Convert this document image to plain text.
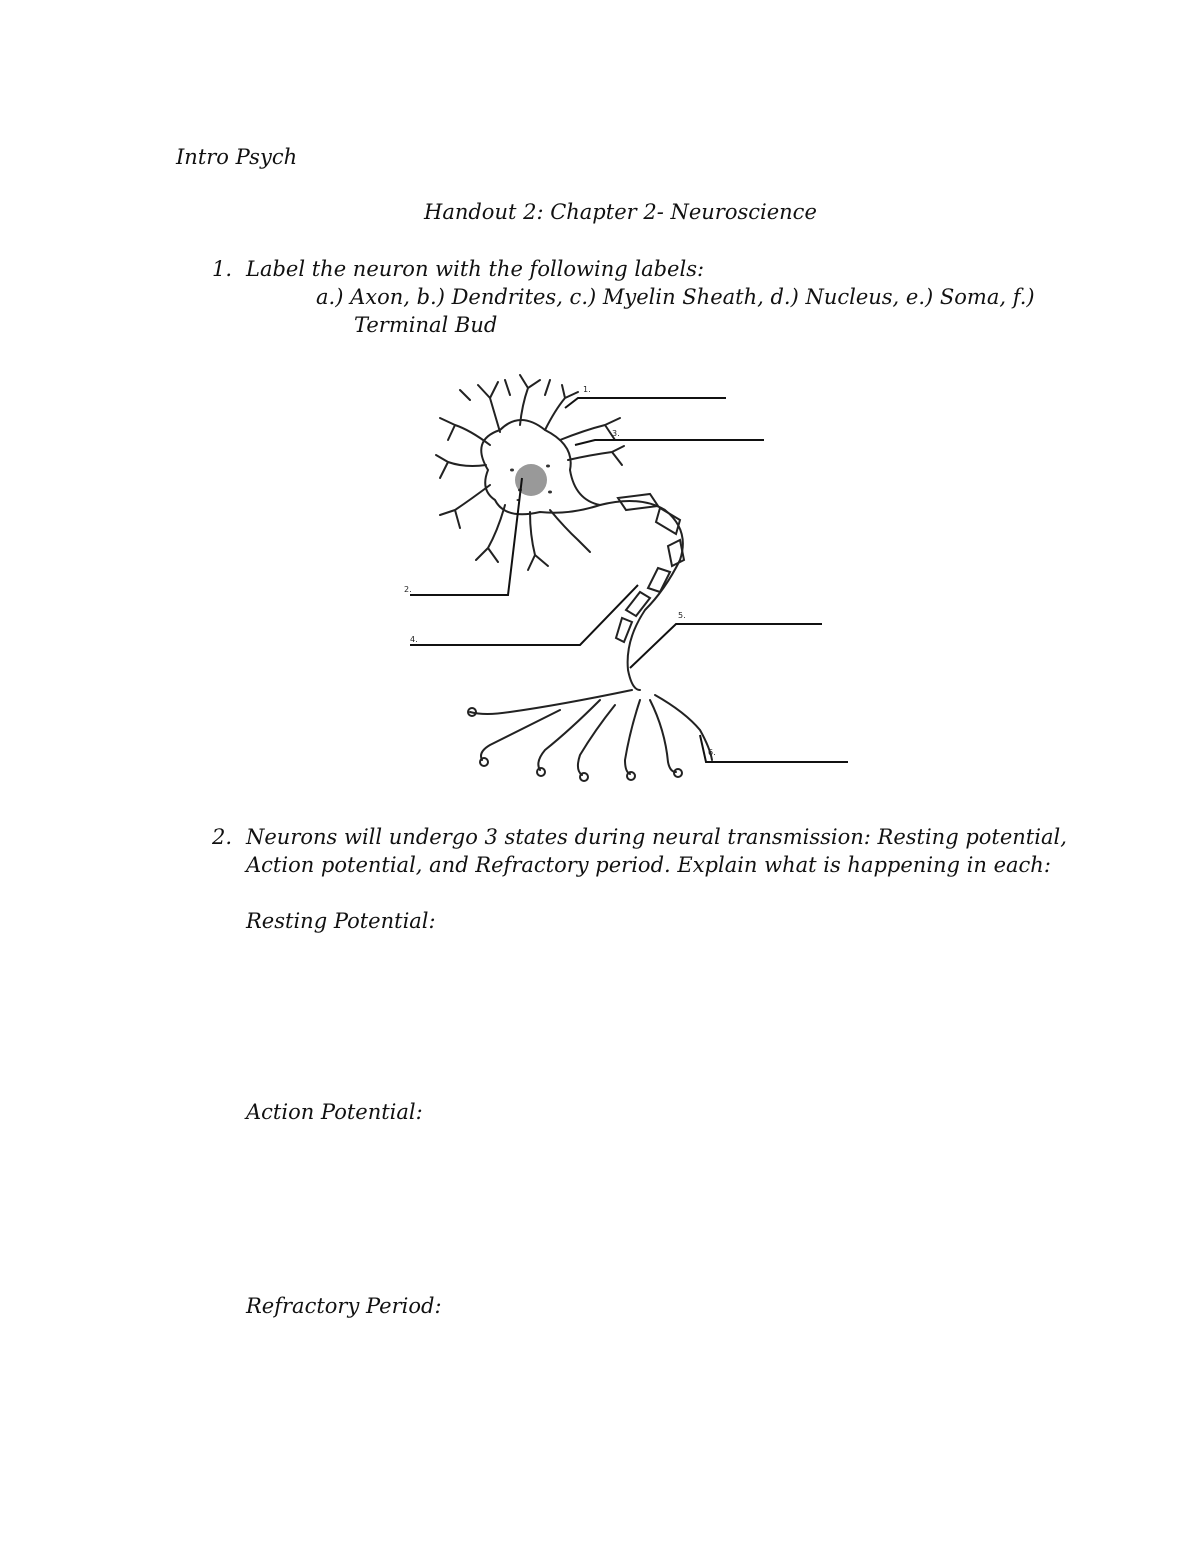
Intro Psych
Handout 2: Chapter 2- Neuroscience
1. Label the neuron with the following labels:
a.) Axon, b.) Dendrites, c.) Myelin Sheath, d.) Nucleus, e.) Soma, f.)
Terminal Bud
1.
2.
3.
4.
5.
6.
2. Neurons will undergo 3 states during neural transmission: Resting potential,
Action potential, and Refractory period. Explain what is happening in each:
Resting Potential:
Action Potential:
Refractory Period:
